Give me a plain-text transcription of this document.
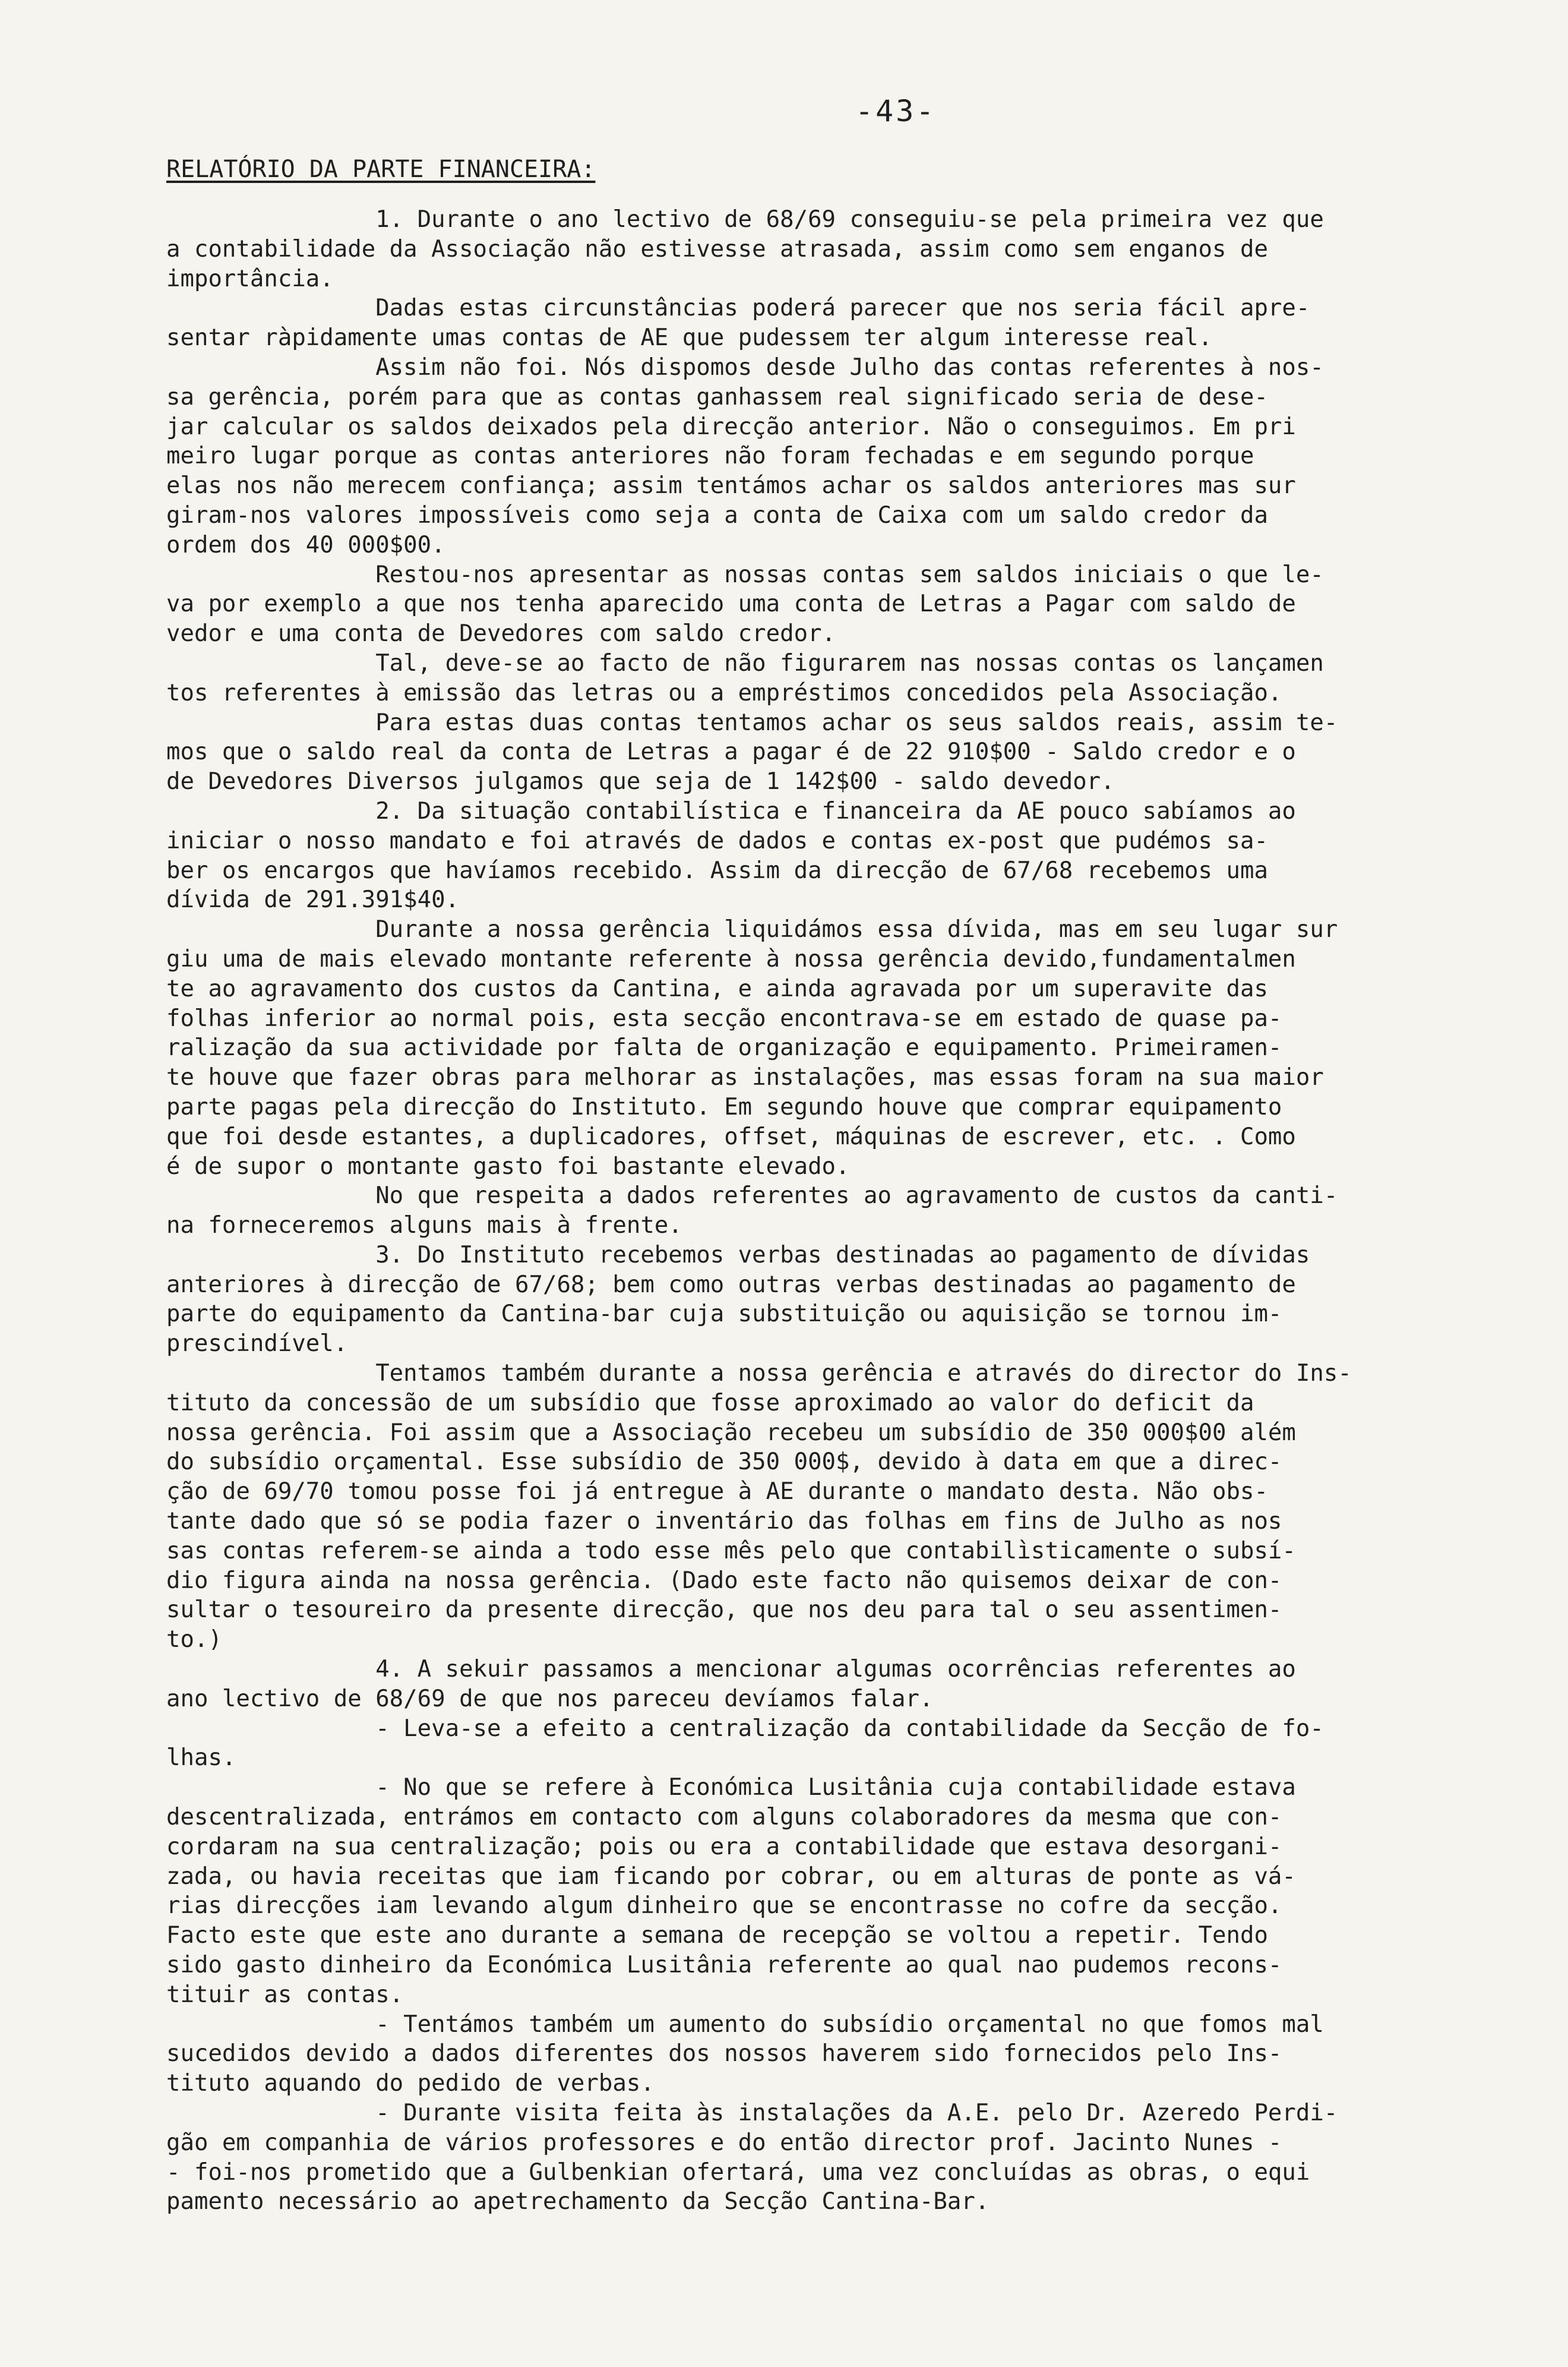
-43-
RELATÓRIO DA PARTE FINANCEIRA:
1. Durante o ano lectivo de 68/69 conseguiu-se pela primeira vez que
a contabilidade da Associação não estivesse atrasada, assim como sem enganos de
importância.
Dadas estas circunstâncias poderá parecer que nos seria fácil apre-
sentar ràpidamente umas contas de AE que pudessem ter algum interesse real.
Assim não foi. Nós dispomos desde Julho das contas referentes à nos-
sa gerência, porém para que as contas ganhassem real significado seria de dese-
jar calcular os saldos deixados pela direcção anterior. Não o conseguimos. Em pri
meiro lugar porque as contas anteriores não foram fechadas e em segundo porque
elas nos não merecem confiança; assim tentámos achar os saldos anteriores mas sur
giram-nos valores impossíveis como seja a conta de Caixa com um saldo credor da
ordem dos 40 000$00.
Restou-nos apresentar as nossas contas sem saldos iniciais o que le-
va por exemplo a que nos tenha aparecido uma conta de Letras a Pagar com saldo de
vedor e uma conta de Devedores com saldo credor.
Tal, deve-se ao facto de não figurarem nas nossas contas os lançamen
tos referentes à emissão das letras ou a empréstimos concedidos pela Associação.
Para estas duas contas tentamos achar os seus saldos reais, assim te-
mos que o saldo real da conta de Letras a pagar é de 22 910$00 - Saldo credor e o
de Devedores Diversos julgamos que seja de 1 142$00 - saldo devedor.
2. Da situação contabilística e financeira da AE pouco sabíamos ao
iniciar o nosso mandato e foi através de dados e contas ex-post que pudémos sa-
ber os encargos que havíamos recebido. Assim da direcção de 67/68 recebemos uma
dívida de 291.391$40.
Durante a nossa gerência liquidámos essa dívida, mas em seu lugar sur
giu uma de mais elevado montante referente à nossa gerência devido,fundamentalmen
te ao agravamento dos custos da Cantina, e ainda agravada por um superavite das
folhas inferior ao normal pois, esta secção encontrava-se em estado de quase pa-
ralização da sua actividade por falta de organização e equipamento. Primeiramen-
te houve que fazer obras para melhorar as instalações, mas essas foram na sua maior
parte pagas pela direcção do Instituto. Em segundo houve que comprar equipamento
que foi desde estantes, a duplicadores, offset, máquinas de escrever, etc. . Como
é de supor o montante gasto foi bastante elevado.
No que respeita a dados referentes ao agravamento de custos da canti-
na forneceremos alguns mais à frente.
3. Do Instituto recebemos verbas destinadas ao pagamento de dívidas
anteriores à direcção de 67/68; bem como outras verbas destinadas ao pagamento de
parte do equipamento da Cantina-bar cuja substituição ou aquisição se tornou im-
prescindível.
Tentamos também durante a nossa gerência e através do director do Ins-
tituto da concessão de um subsídio que fosse aproximado ao valor do deficit da
nossa gerência. Foi assim que a Associação recebeu um subsídio de 350 000$00 além
do subsídio orçamental. Esse subsídio de 350 000$, devido à data em que a direc-
ção de 69/70 tomou posse foi já entregue à AE durante o mandato desta. Não obs-
tante dado que só se podia fazer o inventário das folhas em fins de Julho as nos
sas contas referem-se ainda a todo esse mês pelo que contabilìsticamente o subsí-
dio figura ainda na nossa gerência. (Dado este facto não quisemos deixar de con-
sultar o tesoureiro da presente direcção, que nos deu para tal o seu assentimen-
to.)
4. A sekuir passamos a mencionar algumas ocorrências referentes ao
ano lectivo de 68/69 de que nos pareceu devíamos falar.
- Leva-se a efeito a centralização da contabilidade da Secção de fo-
lhas.
- No que se refere à Económica Lusitânia cuja contabilidade estava
descentralizada, entrámos em contacto com alguns colaboradores da mesma que con-
cordaram na sua centralização; pois ou era a contabilidade que estava desorgani-
zada, ou havia receitas que iam ficando por cobrar, ou em alturas de ponte as vá-
rias direcções iam levando algum dinheiro que se encontrasse no cofre da secção.
Facto este que este ano durante a semana de recepção se voltou a repetir. Tendo
sido gasto dinheiro da Económica Lusitânia referente ao qual nao pudemos recons-
tituir as contas.
- Tentámos também um aumento do subsídio orçamental no que fomos mal
sucedidos devido a dados diferentes dos nossos haverem sido fornecidos pelo Ins-
tituto aquando do pedido de verbas.
- Durante visita feita às instalações da A.E. pelo Dr. Azeredo Perdi-
gão em companhia de vários professores e do então director prof. Jacinto Nunes -
- foi-nos prometido que a Gulbenkian ofertará, uma vez concluídas as obras, o equi
pamento necessário ao apetrechamento da Secção Cantina-Bar.
